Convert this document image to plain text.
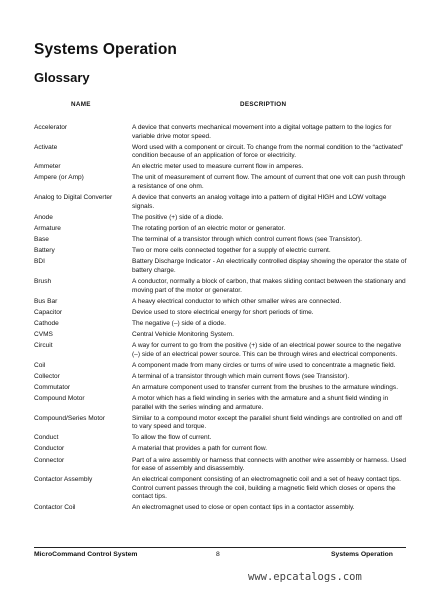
Systems Operation
Glossary
NAME	DESCRIPTION
Accelerator	A device that converts mechanical movement into a digital voltage pattern to the logics for variable drive motor speed.
Activate	Word used with a component or circuit. To change from the normal condition to the “activated” condition because of an application of force or electricity.
Ammeter	An electric meter used to measure current flow in amperes.
Ampere (or Amp)	The unit of measurement of current flow. The amount of current that one volt can push through a resistance of one ohm.
Analog to Digital Converter	A device that converts an analog voltage into a pattern of digital HIGH and LOW voltage signals.
Anode	The positive (+) side of a diode.
Armature	The rotating portion of an electric motor or generator.
Base	The terminal of a transistor through which control current flows (see Transistor).
Battery	Two or more cells connected together for a supply of electric current.
BDI	Battery Discharge Indicator - An electrically controlled display showing the operator the state of battery charge.
Brush	A conductor, normally a block of carbon, that makes sliding contact between the stationary and moving part of the motor or generator.
Bus Bar	A heavy electrical conductor to which other smaller wires are connected.
Capacitor	Device used to store electrical energy for short periods of time.
Cathode	The negative (–) side of a diode.
CVMS	Central Vehicle Monitoring System.
Circuit	A way for current to go from the positive (+) side of an electrical power source to the negative (–) side of an electrical power source. This can be through wires and electrical components.
Coil	A component made from many circles or turns of wire used to concentrate a magnetic field.
Collector	A terminal of a transistor through which main current flows (see Transistor).
Commutator	An armature component used to transfer current from the brushes to the armature windings.
Compound Motor	A motor which has a field winding in series with the armature and a shunt field winding in parallel with the series winding and armature.
Compound/Series Motor	Similar to a compound motor except the parallel shunt field windings are controlled on and off to vary speed and torque.
Conduct	To allow the flow of current.
Conductor	A material that provides a path for current flow.
Connector	Part of a wire assembly or harness that connects with another wire assembly or harness. Used for ease of assembly and disassembly.
Contactor Assembly	An electrical component consisting of an electromagnetic coil and a set of heavy contact tips. Control current passes through the coil, building a magnetic field which closes or opens the contact tips.
Contactor Coil	An electromagnet used to close or open contact tips in a contactor assembly.
MicroCommand Control System	8	Systems Operation
www.epcatalogs.com
